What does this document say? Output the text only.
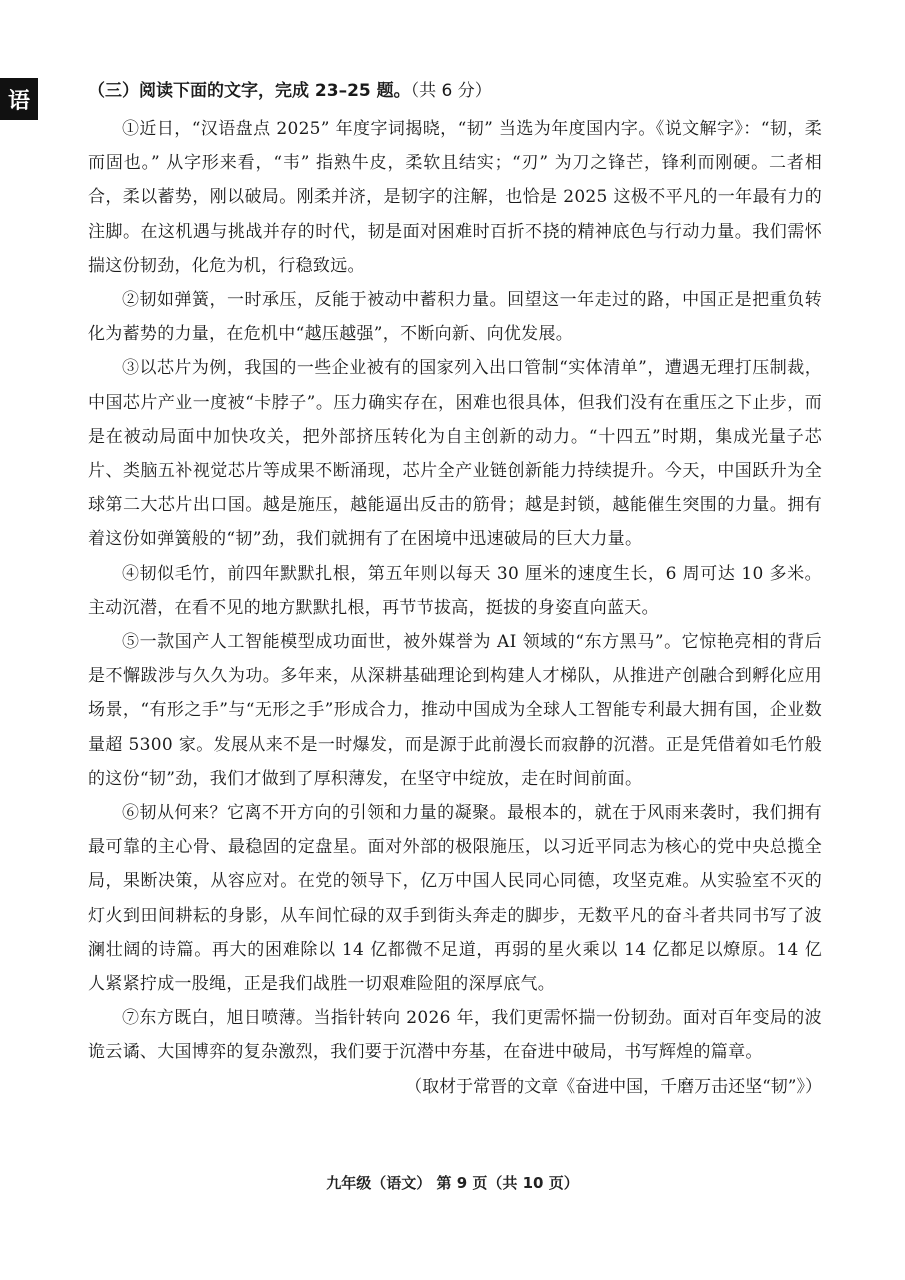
语	（三）阅读下面的文字，完成 23–25 题。（共 6 分）

①近日，“汉语盘点 2025” 年度字词揭晓，“韧” 当选为年度国内字。《说文解字》：“韧，柔而固也。” 从字形来看，“韦” 指熟牛皮，柔软且结实；“刃” 为刀之锋芒，锋利而刚硬。二者相合，柔以蓄势，刚以破局。刚柔并济，是韧字的注解，也恰是 2025 这极不平凡的一年最有力的注脚。在这机遇与挑战并存的时代，韧是面对困难时百折不挠的精神底色与行动力量。我们需怀揣这份韧劲，化危为机，行稳致远。

②韧如弹簧，一时承压，反能于被动中蓄积力量。回望这一年走过的路，中国正是把重负转化为蓄势的力量，在危机中“越压越强”，不断向新、向优发展。

③以芯片为例，我国的一些企业被有的国家列入出口管制“实体清单”，遭遇无理打压制裁，中国芯片产业一度被“卡脖子”。压力确实存在，困难也很具体，但我们没有在重压之下止步，而是在被动局面中加快攻关，把外部挤压转化为自主创新的动力。“十四五”时期，集成光量子芯片、类脑五补视觉芯片等成果不断涌现，芯片全产业链创新能力持续提升。今天，中国跃升为全球第二大芯片出口国。越是施压，越能逼出反击的筋骨；越是封锁，越能催生突围的力量。拥有着这份如弹簧般的“韧”劲，我们就拥有了在困境中迅速破局的巨大力量。

④韧似毛竹，前四年默默扎根，第五年则以每天 30 厘米的速度生长，6 周可达 10 多米。主动沉潜，在看不见的地方默默扎根，再节节拔高，挺拔的身姿直向蓝天。

⑤一款国产人工智能模型成功面世，被外媒誉为 AI 领域的“东方黑马”。它惊艳亮相的背后是不懈跋涉与久久为功。多年来，从深耕基础理论到构建人才梯队，从推进产创融合到孵化应用场景，“有形之手”与“无形之手”形成合力，推动中国成为全球人工智能专利最大拥有国，企业数量超 5300 家。发展从来不是一时爆发，而是源于此前漫长而寂静的沉潜。正是凭借着如毛竹般的这份“韧”劲，我们才做到了厚积薄发，在坚守中绽放，走在时间前面。

⑥韧从何来？它离不开方向的引领和力量的凝聚。最根本的，就在于风雨来袭时，我们拥有最可靠的主心骨、最稳固的定盘星。面对外部的极限施压，以习近平同志为核心的党中央总揽全局，果断决策，从容应对。在党的领导下，亿万中国人民同心同德，攻坚克难。从实验室不灭的灯火到田间耕耘的身影，从车间忙碌的双手到街头奔走的脚步，无数平凡的奋斗者共同书写了波澜壮阔的诗篇。再大的困难除以 14 亿都微不足道，再弱的星火乘以 14 亿都足以燎原。14 亿人紧紧拧成一股绳，正是我们战胜一切艰难险阻的深厚底气。

⑦东方既白，旭日喷薄。当指针转向 2026 年，我们更需怀揣一份韧劲。面对百年变局的波诡云谲、大国博弈的复杂激烈，我们要于沉潜中夯基，在奋进中破局，书写辉煌的篇章。

（取材于常晋的文章《奋进中国，千磨万击还坚“韧”》）

九年级（语文） 第 9 页（共 10 页）
